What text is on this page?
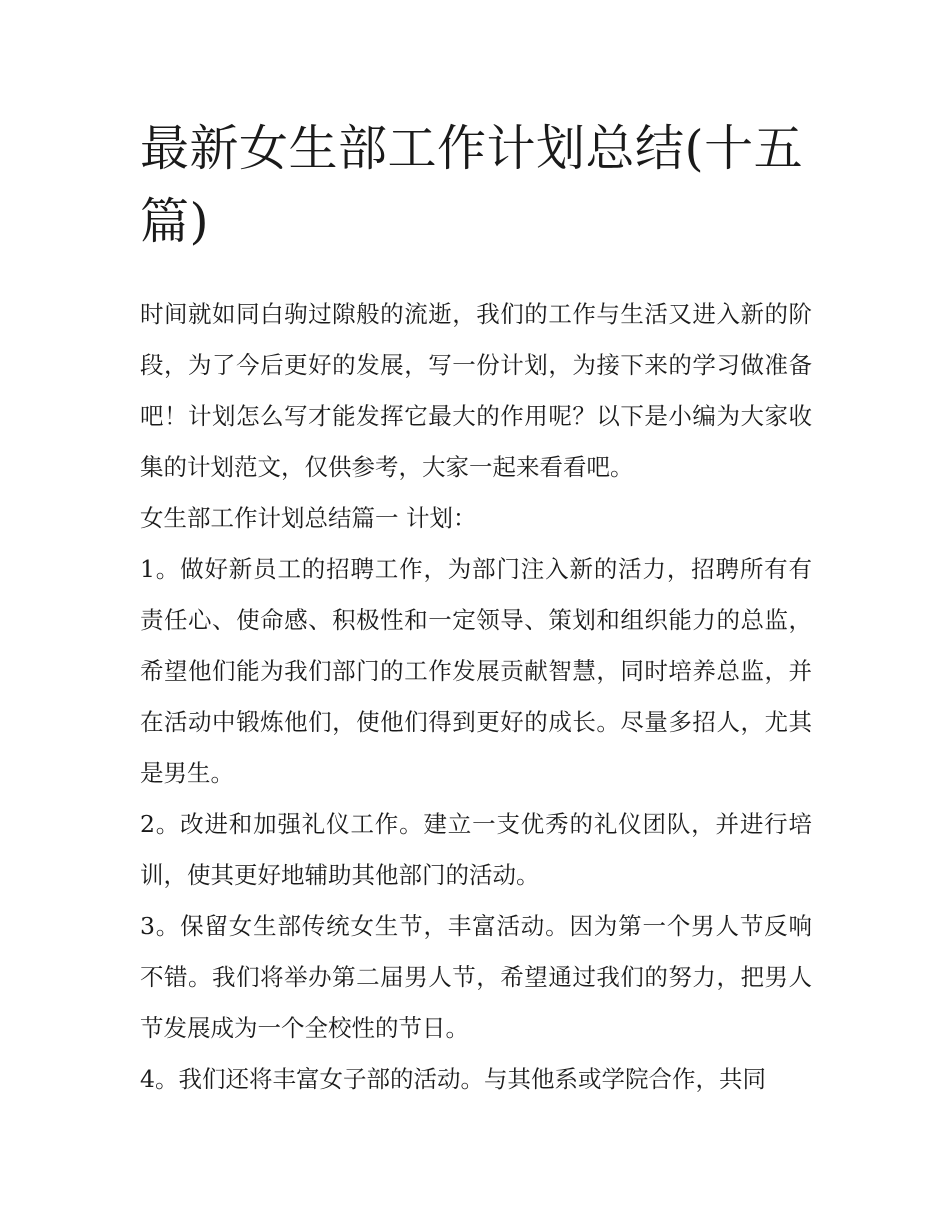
最新女生部工作计划总结(十五篇)

时间就如同白驹过隙般的流逝，我们的工作与生活又进入新的阶段，为了今后更好的发展，写一份计划，为接下来的学习做准备吧！计划怎么写才能发挥它最大的作用呢？以下是小编为大家收集的计划范文，仅供参考，大家一起来看看吧。

女生部工作计划总结篇一 计划：

1。做好新员工的招聘工作，为部门注入新的活力，招聘所有有责任心、使命感、积极性和一定领导、策划和组织能力的总监，希望他们能为我们部门的工作发展贡献智慧，同时培养总监，并在活动中锻炼他们，使他们得到更好的成长。尽量多招人，尤其是男生。

2。改进和加强礼仪工作。建立一支优秀的礼仪团队，并进行培训，使其更好地辅助其他部门的活动。

3。保留女生部传统女生节，丰富活动。因为第一个男人节反响不错。我们将举办第二届男人节，希望通过我们的努力，把男人节发展成为一个全校性的节日。

4。我们还将丰富女子部的活动。与其他系或学院合作，共同
